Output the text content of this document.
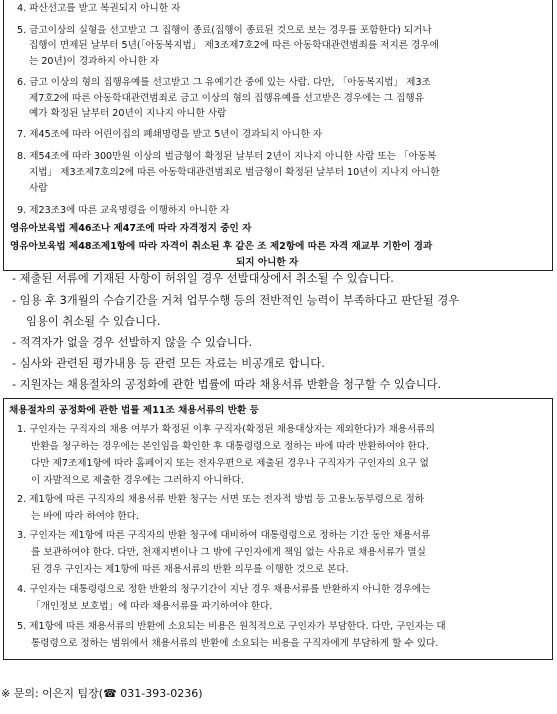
4. 파산선고를 받고 복권되지 아니한 자
5. 금고이상의 실형을 선고받고 그 집행이 종료(집행이 종료된 것으로 보는 경우를 포함한다) 되거나
집행이 면제된 날부터 5년(「아동복지법」 제3조제7호2에 따른 아동학대관련범죄를 저지른 경우에
는 20년)이 경과하지 아니한 자
6. 금고 이상의 형의 집행유예를 선고받고 그 유예기간 중에 있는 사람. 다만, 「아동복지법」 제3조
제7호2에 따른 아동학대관련범죄로 금고 이상의 형의 집행유예를 선고받은 경우에는 그 집행유
예가 확정된 날부터 20년이 지나지 아니한 사람
7. 제45조에 따라 어린이집의 폐쇄명령을 받고 5년이 경과되지 아니한 자
8. 제54조에 따라 300만원 이상의 벌금형이 확정된 날부터 2년이 지나지 아니한 사람 또는 「아동복
지법」 제3조제7호의2에 따른 아동학대관련범죄로 벌금형이 확정된 날부터 10년이 지나지 아니한
사람
9. 제23조3에 따른 교육명령을 이행하지 아니한 자
영유아보육법 제46조나 제47조에 따라 자격정지 중인 자
영유아보육법 제48조제1항에 따라 자격이 취소된 후 같은 조 제2항에 따른 자격 재교부 기한이 경과
되지 아니한 자
- 제출된 서류에 기재된 사항이 허위일 경우 선발대상에서 취소될 수 있습니다.
- 임용 후 3개월의 수습기간을 거쳐 업무수행 등의 전반적인 능력이 부족하다고 판단될 경우
임용이 취소될 수 있습니다.
- 적격자가 없을 경우 선발하지 않을 수 있습니다.
- 심사와 관련된 평가내용 등 관련 모든 자료는 비공개로 합니다.
- 지원자는 채용절차의 공정화에 관한 법률에 따라 채용서류 반환을 청구할 수 있습니다.
채용절차의 공정화에 관한 법률 제11조 채용서류의 반환 등
1. 구인자는 구직자의 채용 여부가 확정된 이후 구직자(확정된 채용대상자는 제외한다)가 채용서류의
반환을 청구하는 경우에는 본인임을 확인한 후 대통령령으로 정하는 바에 따라 반환하여야 한다.
다만 제7조제1항에 따라 홈페이지 또는 전자우편으로 제출된 경우나 구직자가 구인자의 요구 없
이 자발적으로 제출한 경우에는 그러하지 아니하다.
2. 제1항에 따른 구직자의 채용서류 반환 청구는 서면 또는 전자적 방법 등 고용노동부령으로 정하
는 바에 따라 하여야 한다.
3. 구인자는 제1항에 따른 구직자의 반환 청구에 대비하여 대통령령으로 정하는 기간 동안 채용서류
를 보관하여야 한다. 다만, 천재지변이나 그 밖에 구인자에게 책임 없는 사유로 채용서류가 멸실
된 경우 구인자는 제1항에 따른 채용서류의 반환 의무를 이행한 것으로 본다.
4. 구인자는 대통령령으로 정한 반환의 청구기간이 지난 경우 채용서류를 반환하지 아니한 경우에는
「개인정보 보호법」에 따라 채용서류를 파기하여야 한다.
5. 제1항에 따른 채용서류의 반환에 소요되는 비용은 원칙적으로 구인자가 부담한다. 다만, 구인자는 대
통령령으로 정하는 범위에서 채용서류의 반환에 소요되는 비용을 구직자에게 부담하게 할 수 있다.
※ 문의: 이은지 팀장(☎ 031-393-0236)
